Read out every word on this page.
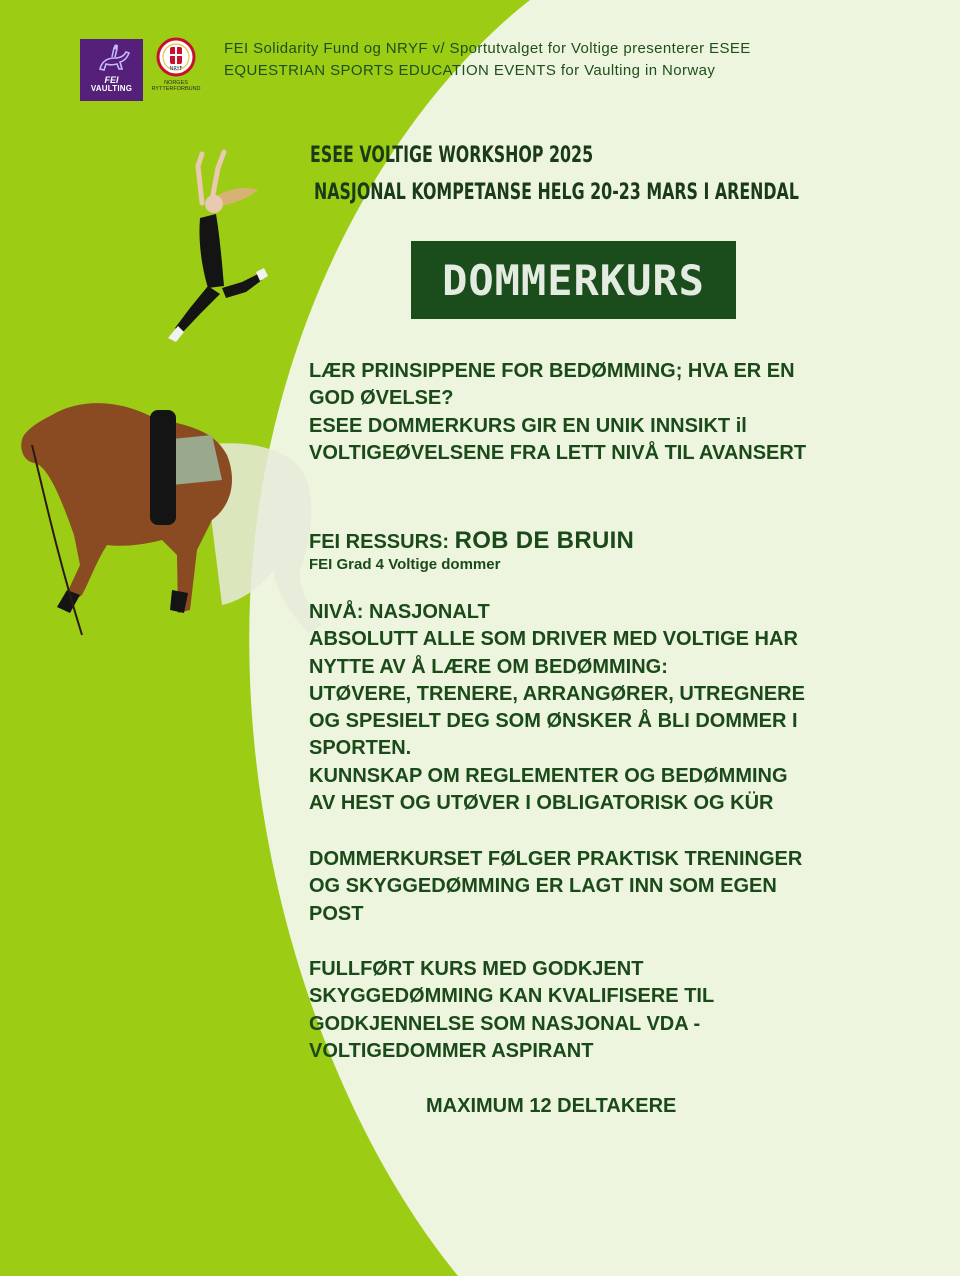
FEI
VAULTING
NRYF
NORGES
RYTTERFORBUND
FEI Solidarity Fund og NRYF v/ Sportutvalget for Voltige presenterer ESEE
EQUESTRIAN SPORTS EDUCATION EVENTS for Vaulting in Norway
ESEE VOLTIGE WORKSHOP 2025
NASJONAL KOMPETANSE HELG 20-23 MARS I ARENDAL
DOMMERKURS
LÆR PRINSIPPENE FOR BEDØMMING; HVA ER EN
GOD ØVELSE?
ESEE DOMMERKURS GIR EN UNIK INNSIKT il
VOLTIGEØVELSENE FRA LETT NIVÅ TIL AVANSERT
FEI RESSURS: ROB DE BRUIN
FEI Grad 4 Voltige dommer
NIVÅ: NASJONALT
ABSOLUTT ALLE SOM DRIVER MED VOLTIGE HAR
NYTTE AV Å LÆRE OM BEDØMMING:
UTØVERE, TRENERE, ARRANGØRER, UTREGNERE
OG SPESIELT DEG SOM ØNSKER Å BLI DOMMER I
SPORTEN.
KUNNSKAP OM REGLEMENTER OG BEDØMMING
AV HEST OG UTØVER I OBLIGATORISK OG KÜR
DOMMERKURSET FØLGER PRAKTISK TRENINGER
OG SKYGGEDØMMING ER LAGT INN SOM EGEN
POST
FULLFØRT KURS MED GODKJENT
SKYGGEDØMMING KAN KVALIFISERE TIL
GODKJENNELSE SOM NASJONAL VDA -
VOLTIGEDOMMER ASPIRANT
MAXIMUM 12 DELTAKERE
